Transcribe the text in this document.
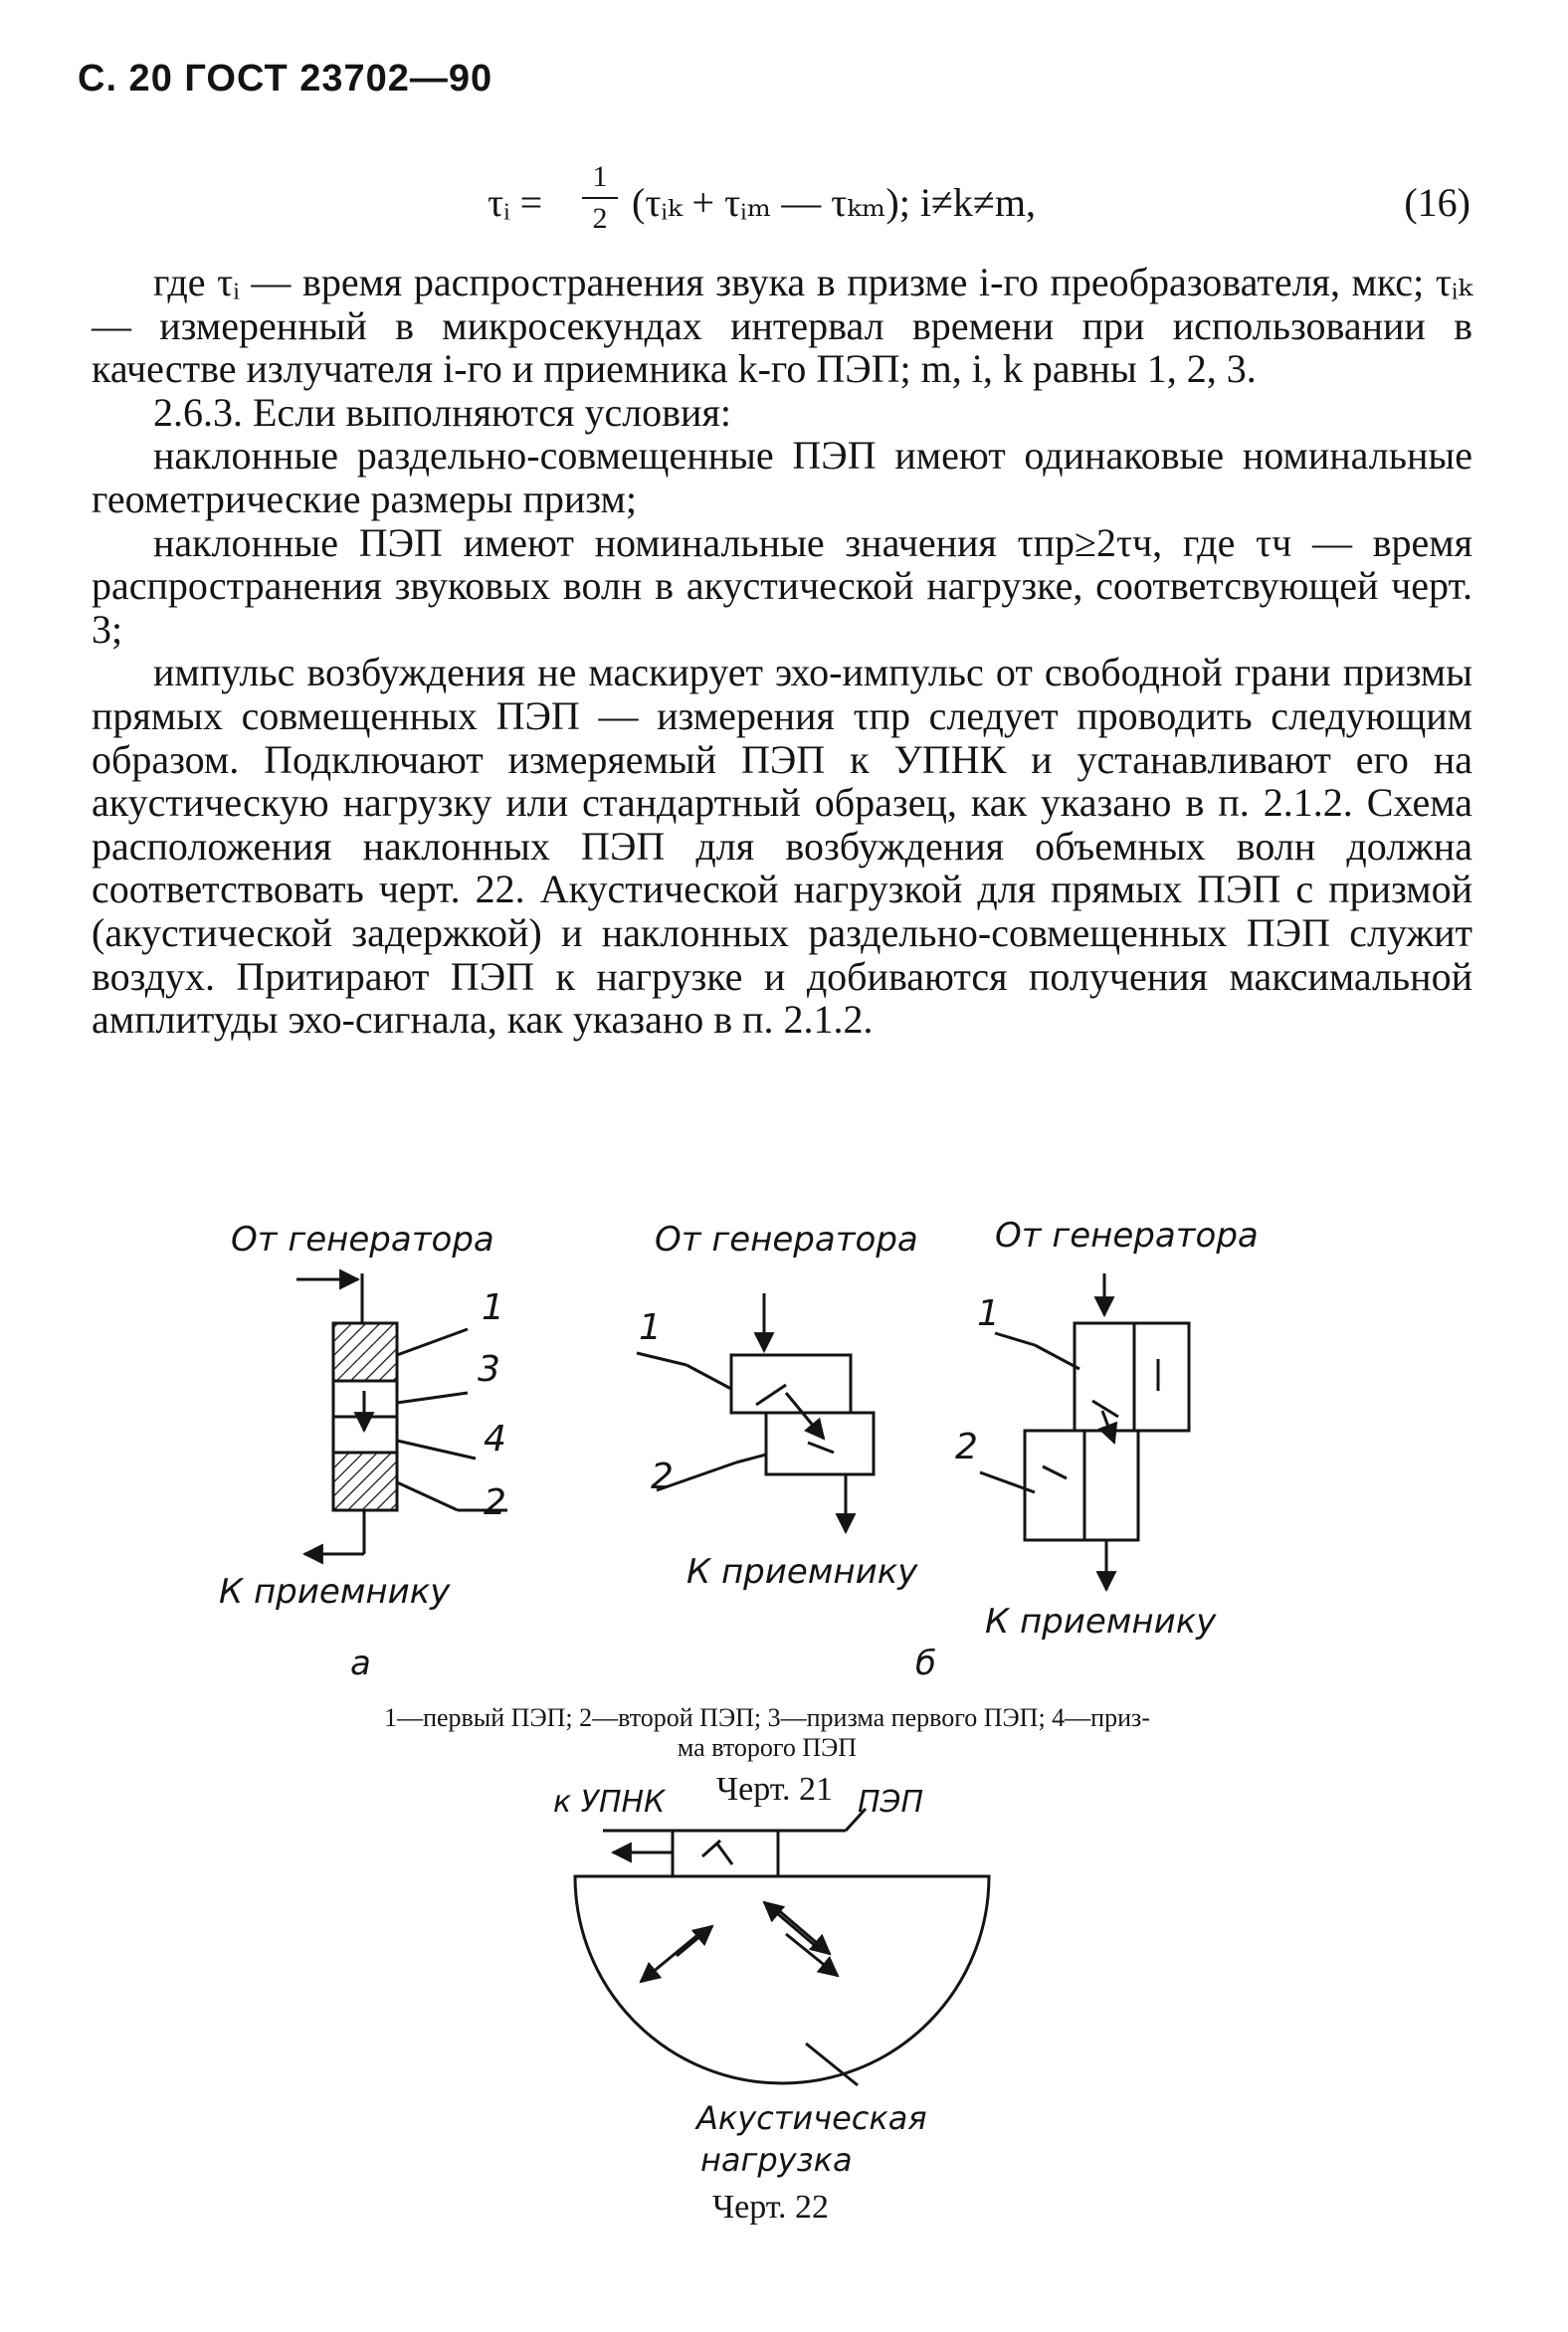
С. 20 ГОСТ 23702—90
τᵢ =
1
2 (τᵢₖ + τᵢₘ — τₖₘ); i≠k≠m,	(16)

где τᵢ — время распространения звука в призме i-го преобразователя, мкс; τᵢₖ — измеренный в микросекундах интервал времени при использовании в качестве излучателя i-го и приемника k-го ПЭП; m, i, k равны 1, 2, 3.

2.6.3. Если выполняются условия:

наклонные раздельно-совмещенные ПЭП имеют одинаковые номинальные геометрические размеры призм;

наклонные ПЭП имеют номинальные значения τпр≥2τч, где τч — время распространения звуковых волн в акустической нагрузке, соответсвующей черт. 3;

импульс возбуждения не маскирует эхо-импульс от свободной грани призмы прямых совмещенных ПЭП — измерения τпр следует проводить следующим образом. Подключают измеряемый ПЭП к УПНК и устанавливают его на акустическую нагрузку или стандартный образец, как указано в п. 2.1.2. Схема расположения наклонных ПЭП для возбуждения объемных волн должна соответствовать черт. 22. Акустической нагрузкой для прямых ПЭП с призмой (акустической задержкой) и наклонных раздельно-совмещенных ПЭП служит воздух. Притирают ПЭП к нагрузке и добиваются получения максимальной амплитуды эхо-сигнала, как указано в п. 2.1.2.

От генератора	От генератора От генератора
1
3
4
2
1
2
1
2
К приемнику	К приемнику
К приемнику
а	б
1—первый ПЭП; 2—второй ПЭП; 3—призма первого ПЭП; 4—приз-
ма второго ПЭП
Черт. 21
к УПНК	ПЭП
Акустическая
нагрузка
Черт. 22
